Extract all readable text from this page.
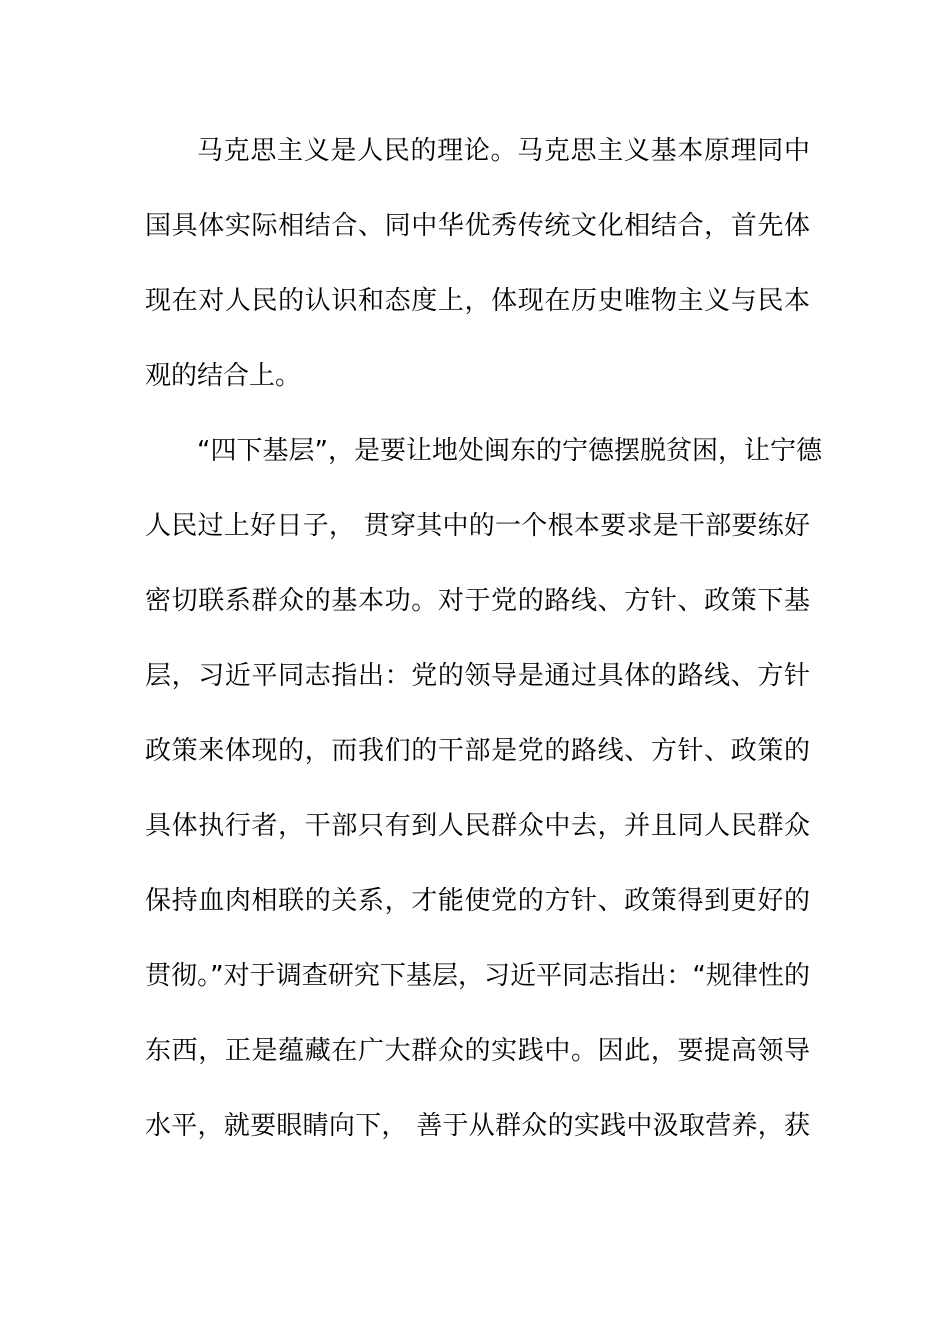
马克思主义是人民的理论。马克思主义基本原理同中
国具体实际相结合、同中华优秀传统文化相结合，首先体
现在对人民的认识和态度上，体现在历史唯物主义与民本
观的结合上。
“四下基层”，是要让地处闽东的宁德摆脱贫困，让宁德
人民过上好日子， 贯穿其中的一个根本要求是干部要练好
密切联系群众的基本功。对于党的路线、方针、政策下基
层，习近平同志指出：党的领导是通过具体的路线、方针
政策来体现的，而我们的干部是党的路线、方针、政策的
具体执行者，干部只有到人民群众中去，并且同人民群众
保持血肉相联的关系，才能使党的方针、政策得到更好的
贯彻。”对于调查研究下基层，习近平同志指出：“规律性的
东西，正是蕴藏在广大群众的实践中。因此，要提高领导
水平，就要眼睛向下， 善于从群众的实践中汲取营养，获
